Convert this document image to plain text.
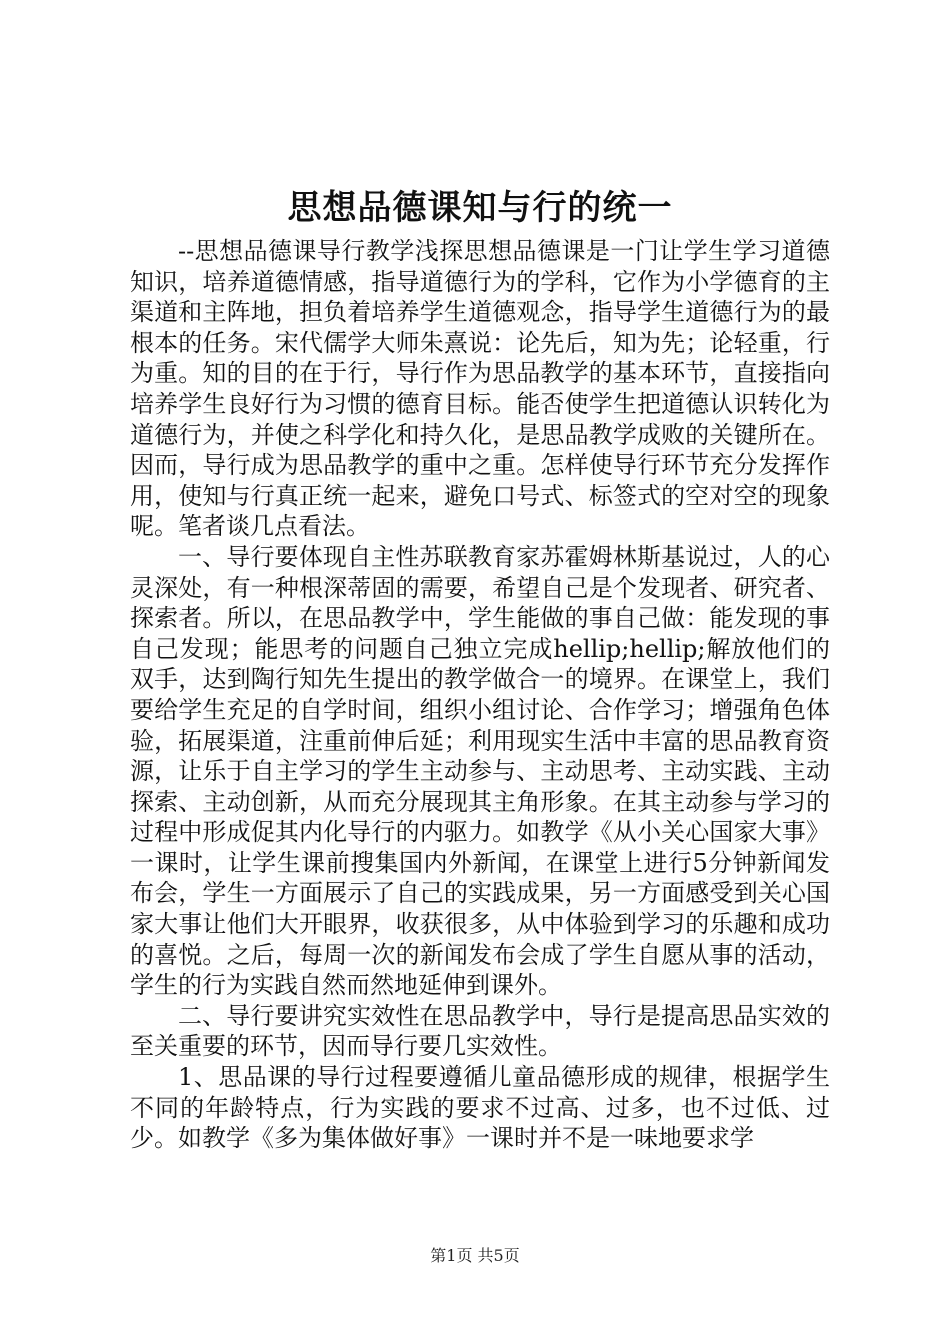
思想品德课知与行的统一

--思想品德课导行教学浅探思想品德课是一门让学生学习道德知识，培养道德情感，指导道德行为的学科，它作为小学德育的主渠道和主阵地，担负着培养学生道德观念，指导学生道德行为的最根本的任务。宋代儒学大师朱熹说：论先后，知为先；论轻重，行为重。知的目的在于行，导行作为思品教学的基本环节，直接指向培养学生良好行为习惯的德育目标。能否使学生把道德认识转化为道德行为，并使之科学化和持久化，是思品教学成败的关键所在。因而，导行成为思品教学的重中之重。怎样使导行环节充分发挥作用，使知与行真正统一起来，避免口号式、标签式的空对空的现象呢。笔者谈几点看法。

一、导行要体现自主性苏联教育家苏霍姆林斯基说过，人的心灵深处，有一种根深蒂固的需要，希望自己是个发现者、研究者、探索者。所以，在思品教学中，学生能做的事自己做：能发现的事自己发现；能思考的问题自己独立完成hellip;hellip;解放他们的双手，达到陶行知先生提出的教学做合一的境界。在课堂上，我们要给学生充足的自学时间，组织小组讨论、合作学习；增强角色体验，拓展渠道，注重前伸后延；利用现实生活中丰富的思品教育资源，让乐于自主学习的学生主动参与、主动思考、主动实践、主动探索、主动创新，从而充分展现其主角形象。在其主动参与学习的过程中形成促其内化导行的内驱力。如教学《从小关心国家大事》一课时，让学生课前搜集国内外新闻，在课堂上进行5分钟新闻发布会，学生一方面展示了自己的实践成果，另一方面感受到关心国家大事让他们大开眼界，收获很多，从中体验到学习的乐趣和成功的喜悦。之后，每周一次的新闻发布会成了学生自愿从事的活动，学生的行为实践自然而然地延伸到课外。

二、导行要讲究实效性在思品教学中，导行是提高思品实效的至关重要的环节，因而导行要几实效性。

1、思品课的导行过程要遵循儿童品德形成的规律，根据学生不同的年龄特点，行为实践的要求不过高、过多，也不过低、过少。如教学《多为集体做好事》一课时并不是一味地要求学

第1页 共5页
